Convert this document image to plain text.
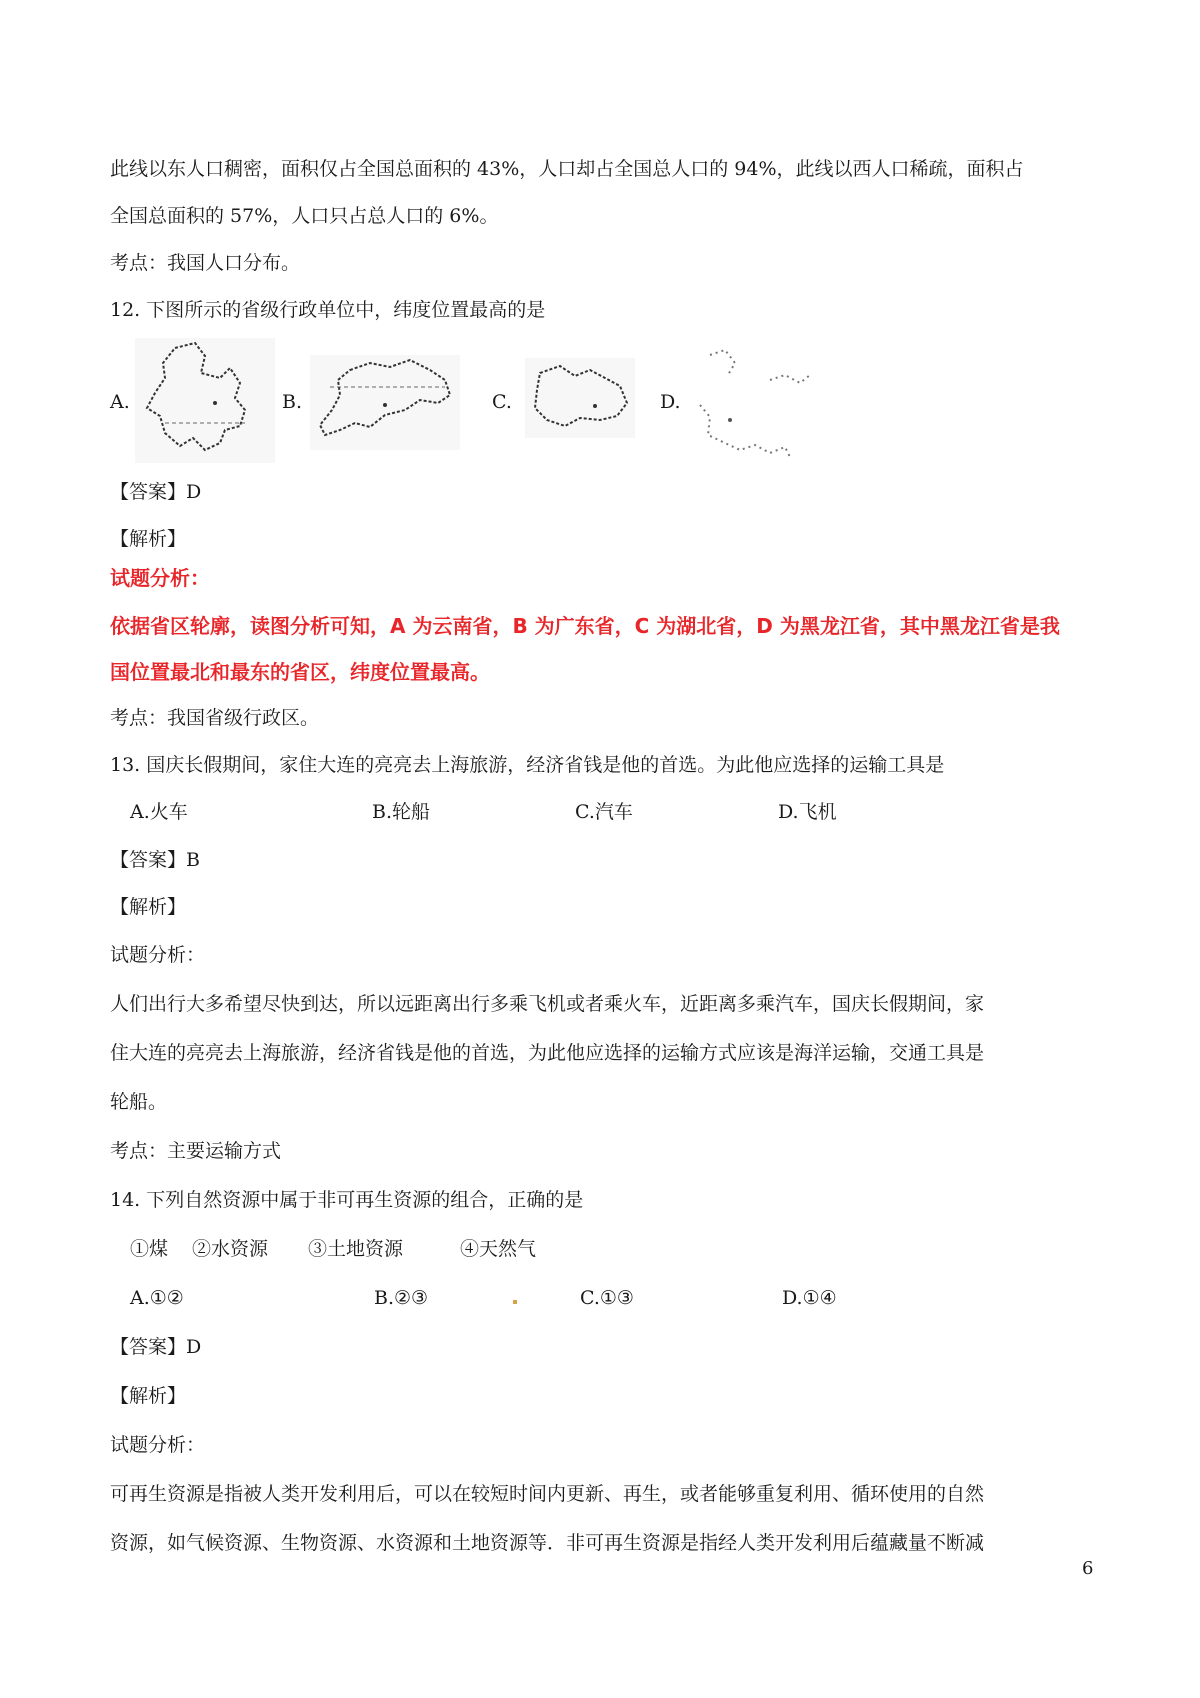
此线以东人口稠密，面积仅占全国总面积的 43%，人口却占全国总人口的 94%，此线以西人口稀疏，面积占
全国总面积的 57%，人口只占总人口的 6%。
考点：我国人口分布。
12. 下图所示的省级行政单位中，纬度位置最高的是
A.	B.	C.	D.
【答案】D
【解析】
试题分析：
依据省区轮廓，读图分析可知，A 为云南省，B 为广东省，C 为湖北省，D 为黑龙江省，其中黑龙江省是我
国位置最北和最东的省区，纬度位置最高。
考点：我国省级行政区。
13. 国庆长假期间，家住大连的亮亮去上海旅游，经济省钱是他的首选。为此他应选择的运输工具是
A.火车	B.轮船	C.汽车	D.飞机
【答案】B
【解析】
试题分析：
人们出行大多希望尽快到达，所以远距离出行多乘飞机或者乘火车，近距离多乘汽车，国庆长假期间，家
住大连的亮亮去上海旅游，经济省钱是他的首选，为此他应选择的运输方式应该是海洋运输，交通工具是
轮船。
考点：主要运输方式
14. 下列自然资源中属于非可再生资源的组合，正确的是
①煤 ②水资源 ③土地资源	④天然气
A.①②	B.②③	C.①③	D.①④
【答案】D
【解析】
试题分析：
可再生资源是指被人类开发利用后，可以在较短时间内更新、再生，或者能够重复利用、循环使用的自然
资源，如气候资源、生物资源、水资源和土地资源等．非可再生资源是指经人类开发利用后蕴藏量不断减
6
